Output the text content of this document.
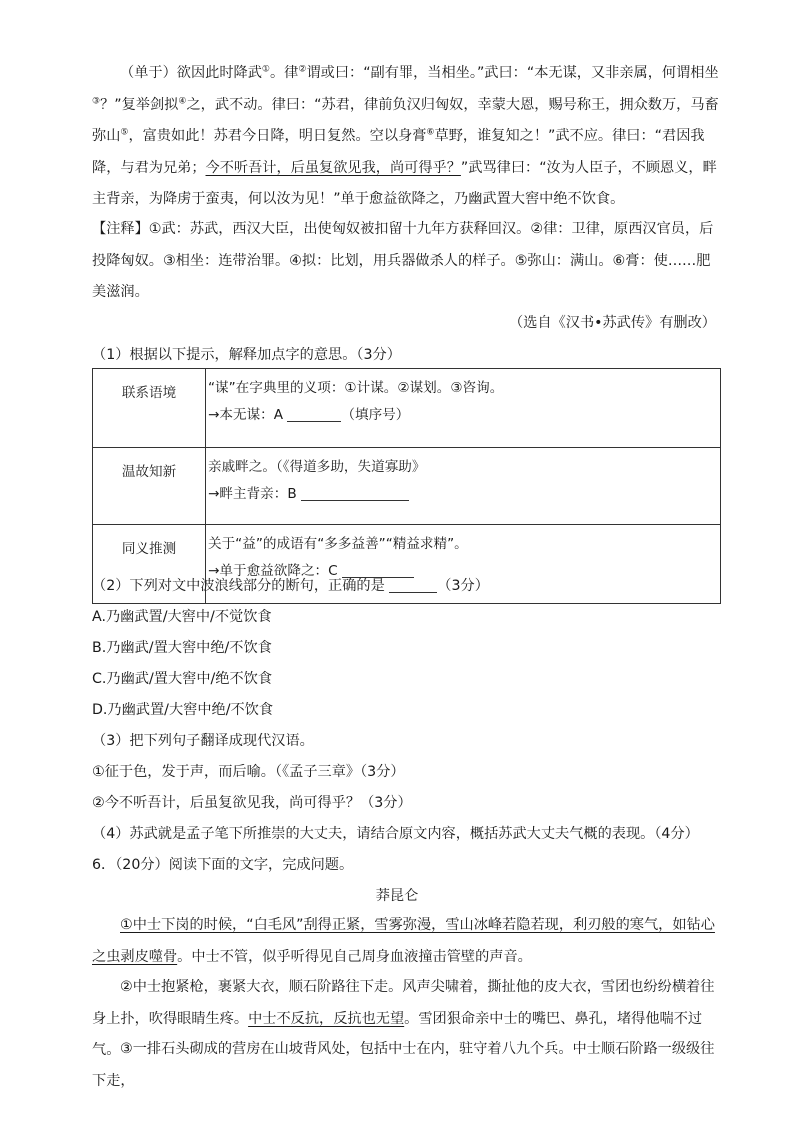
（单于）欲因此时降武①。律②谓或曰：“副有罪，当相坐。”武曰：“本无谋，又非亲属，何谓相坐③？”复举剑拟④之，武不动。律曰：“苏君，律前负汉归匈奴，幸蒙大恩，赐号称王，拥众数万，马畜弥山⑤，富贵如此！苏君今日降，明日复然。空以身膏⑥草野，谁复知之！”武不应。律曰：“君因我降，与君为兄弟；今不听吾计，后虽复欲见我，尚可得乎？”武骂律曰：“汝为人臣子，不顾恩义，畔主背亲，为降虏于蛮夷，何以汝为见！”单于愈益欲降之，乃幽武置大窖中绝不饮食。

【注释】①武：苏武，西汉大臣，出使匈奴被扣留十九年方获释回汉。②律：卫律，原西汉官员，后投降匈奴。③相坐：连带治罪。④拟：比划，用兵器做杀人的样子。⑤弥山：满山。⑥膏：使……肥美滋润。

（选自《汉书•苏武传》有删改）
（1）根据以下提示，解释加点字的意思。（3分）
联系语境	“谋”在字典里的义项：①计谋。②谋划。③咨询。
→本无谋：A （填序号）

温故知新	亲戚畔之。（《得道多助，失道寡助》
→畔主背亲：B

同义推测	关于“益”的成语有“多多益善”“精益求精”。
→单于愈益欲降之：C
（2）下列对文中波浪线部分的断句，正确的是	（3分）
A.乃幽武置/大窖中/不觉饮食
B.乃幽武/置大窖中绝/不饮食
C.乃幽武/置大窖中/绝不饮食
D.乃幽武置/大窖中绝/不饮食
（3）把下列句子翻译成现代汉语。
①征于色，发于声，而后喻。（《孟子三章》（3分）
②今不听吾计，后虽复欲见我，尚可得乎？（3分）
（4）苏武就是孟子笔下所推崇的大丈夫，请结合原文内容，概括苏武大丈夫气概的表现。（4分）
6．（20分）阅读下面的文字，完成问题。
莽昆仑

①中士下岗的时候，“白毛风”刮得正紧，雪雾弥漫，雪山冰峰若隐若现，利刃般的寒气，如钻心之虫剥皮噬骨。中士不管，似乎听得见自己周身血液撞击管壁的声音。

②中士抱紧枪，裹紧大衣，顺石阶路往下走。风声尖啸着，撕扯他的皮大衣，雪团也纷纷横着往身上扑，吹得眼睛生疼。中士不反抗，反抗也无望。雪团狠命亲中士的嘴巴、鼻孔，堵得他喘不过气。 ③一排石头砌成的营房在山坡背风处，包括中士在内，驻守着八九个兵。中士顺石阶路一级级往下走，
